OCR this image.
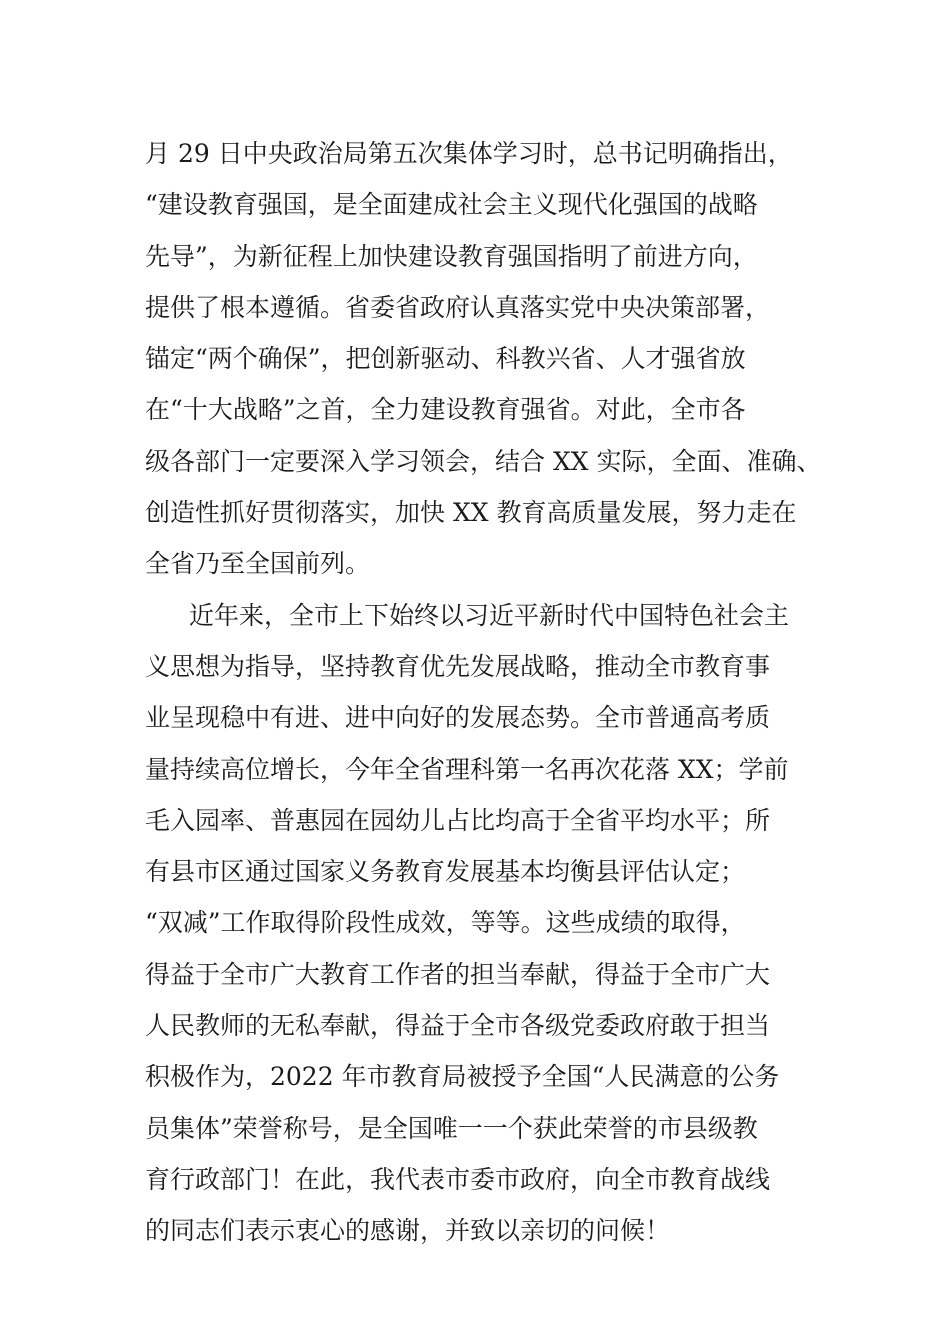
月 29 日中央政治局第五次集体学习时，总书记明确指出，
“建设教育强国，是全面建成社会主义现代化强国的战略
先导”，为新征程上加快建设教育强国指明了前进方向，
提供了根本遵循。省委省政府认真落实党中央决策部署，
锚定“两个确保”，把创新驱动、科教兴省、人才强省放
在“十大战略”之首，全力建设教育强省。对此，全市各
级各部门一定要深入学习领会，结合 XX 实际，全面、准确、
创造性抓好贯彻落实，加快 XX 教育高质量发展，努力走在
全省乃至全国前列。
近年来，全市上下始终以习近平新时代中国特色社会主
义思想为指导，坚持教育优先发展战略，推动全市教育事
业呈现稳中有进、进中向好的发展态势。全市普通高考质
量持续高位增长，今年全省理科第一名再次花落 XX；学前
毛入园率、普惠园在园幼儿占比均高于全省平均水平；所
有县市区通过国家义务教育发展基本均衡县评估认定；
“双减”工作取得阶段性成效，等等。这些成绩的取得，
得益于全市广大教育工作者的担当奉献，得益于全市广大
人民教师的无私奉献，得益于全市各级党委政府敢于担当
积极作为，2022 年市教育局被授予全国“人民满意的公务
员集体”荣誉称号，是全国唯一一个获此荣誉的市县级教
育行政部门！在此，我代表市委市政府，向全市教育战线
的同志们表示衷心的感谢，并致以亲切的问候！
